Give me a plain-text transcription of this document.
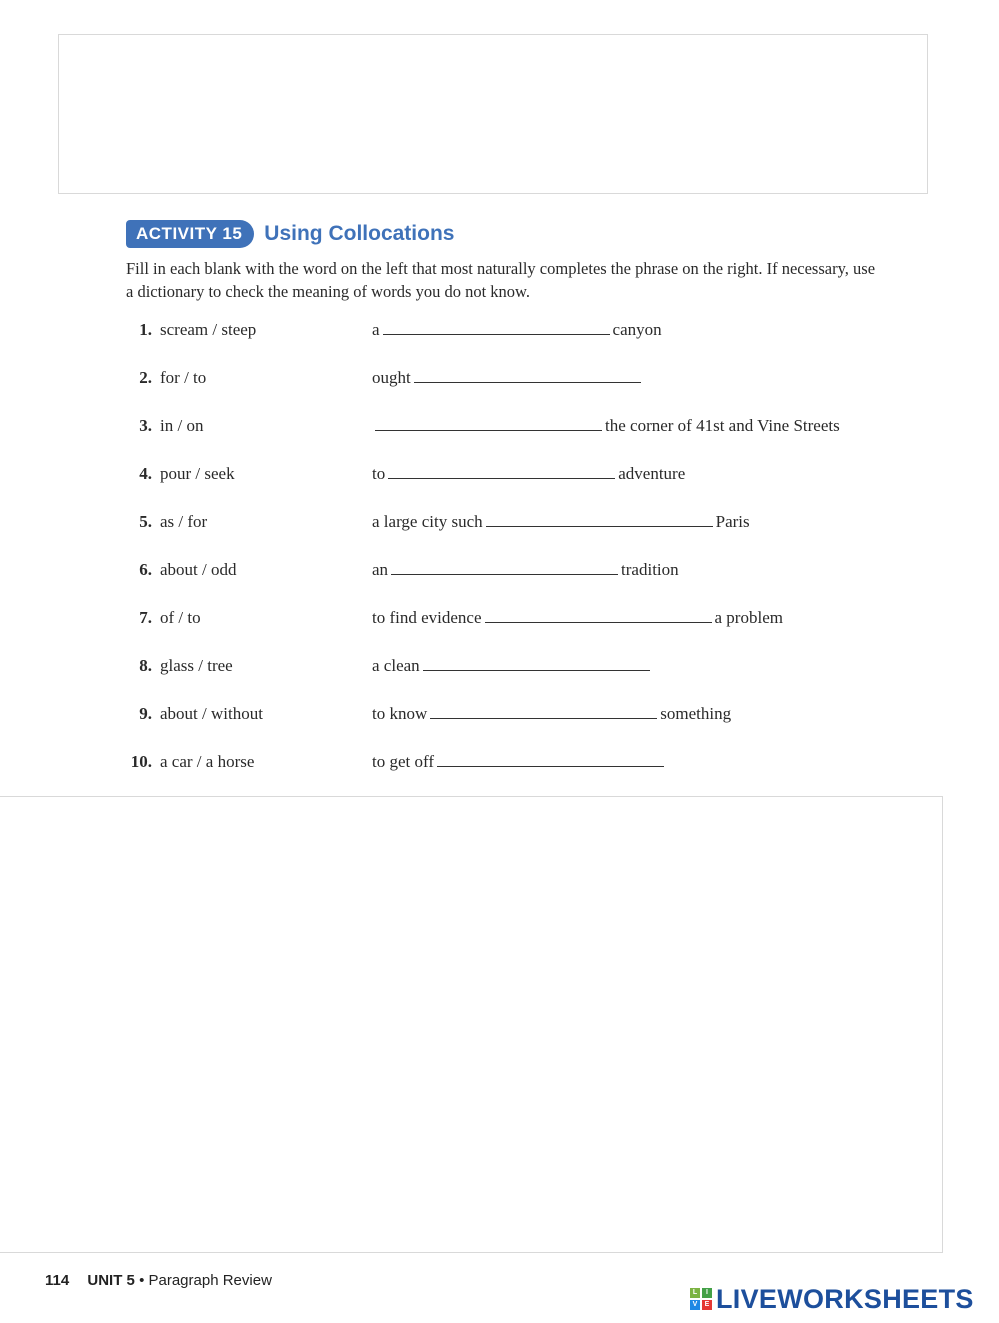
ACTIVITY 15	Using Collocations
Fill in each blank with the word on the left that most naturally completes the phrase on the right. If necessary, use a dictionary to check the meaning of words you do not know.
1. scream / steep	a	canyon
2. for / to	ought
3. in / on	the corner of 41st and Vine Streets
4. pour / seek	to	adventure
5. as / for	a large city such	Paris
6. about / odd	an	tradition
7. of / to	to find evidence	a problem
8. glass / tree	a clean
9. about / without	to know	something
10. a car / a horse	to get off
114 UNIT 5 • Paragraph Review
L	I
V	E LIVEWORKSHEETS
